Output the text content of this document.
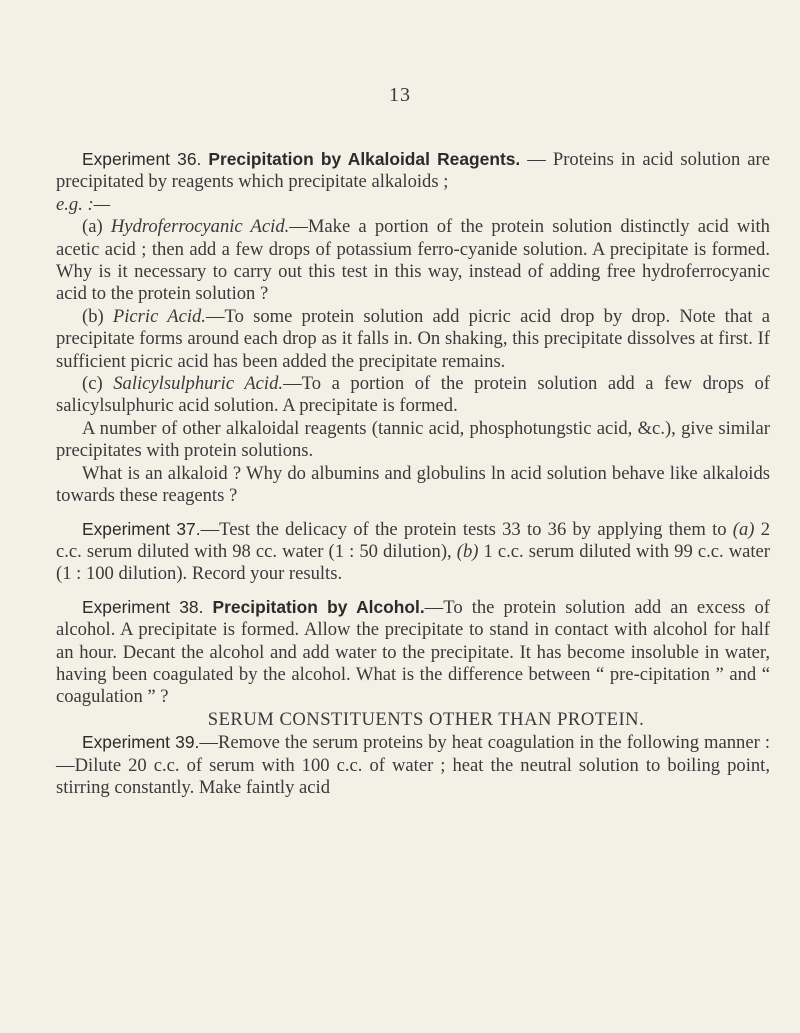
13

Experiment 36. Precipitation by Alkaloidal Reagents. — Proteins in acid solution are precipitated by reagents which precipitate alkaloids ;

e.g. :—

(a) Hydroferrocyanic Acid.—Make a portion of the protein solution distinctly acid with acetic acid ; then add a few drops of potassium ferro-cyanide solution. A precipitate is formed. Why is it necessary to carry out this test in this way, instead of adding free hydroferrocyanic acid to the protein solution ?

(b) Picric Acid.—To some protein solution add picric acid drop by drop. Note that a precipitate forms around each drop as it falls in. On shaking, this precipitate dissolves at first. If sufficient picric acid has been added the precipitate remains.

(c) Salicylsulphuric Acid.—To a portion of the protein solution add a few drops of salicylsulphuric acid solution. A precipitate is formed.

A number of other alkaloidal reagents (tannic acid, phosphotungstic acid, &c.), give similar precipitates with protein solutions.

What is an alkaloid ? Why do albumins and globulins ln acid solution behave like alkaloids towards these reagents ?

Experiment 37.—Test the delicacy of the protein tests 33 to 36 by applying them to (a) 2 c.c. serum diluted with 98 cc. water (1 : 50 dilution), (b) 1 c.c. serum diluted with 99 c.c. water (1 : 100 dilution). Record your results.

Experiment 38. Precipitation by Alcohol.—To the protein solution add an excess of alcohol. A precipitate is formed. Allow the precipitate to stand in contact with alcohol for half an hour. Decant the alcohol and add water to the precipitate. It has become insoluble in water, having been coagulated by the alcohol. What is the difference between “ pre-cipitation ” and “ coagulation ” ?

SERUM CONSTITUENTS OTHER THAN PROTEIN.

Experiment 39.—Remove the serum proteins by heat coagulation in the following manner :—Dilute 20 c.c. of serum with 100 c.c. of water ; heat the neutral solution to boiling point, stirring constantly. Make faintly acid
